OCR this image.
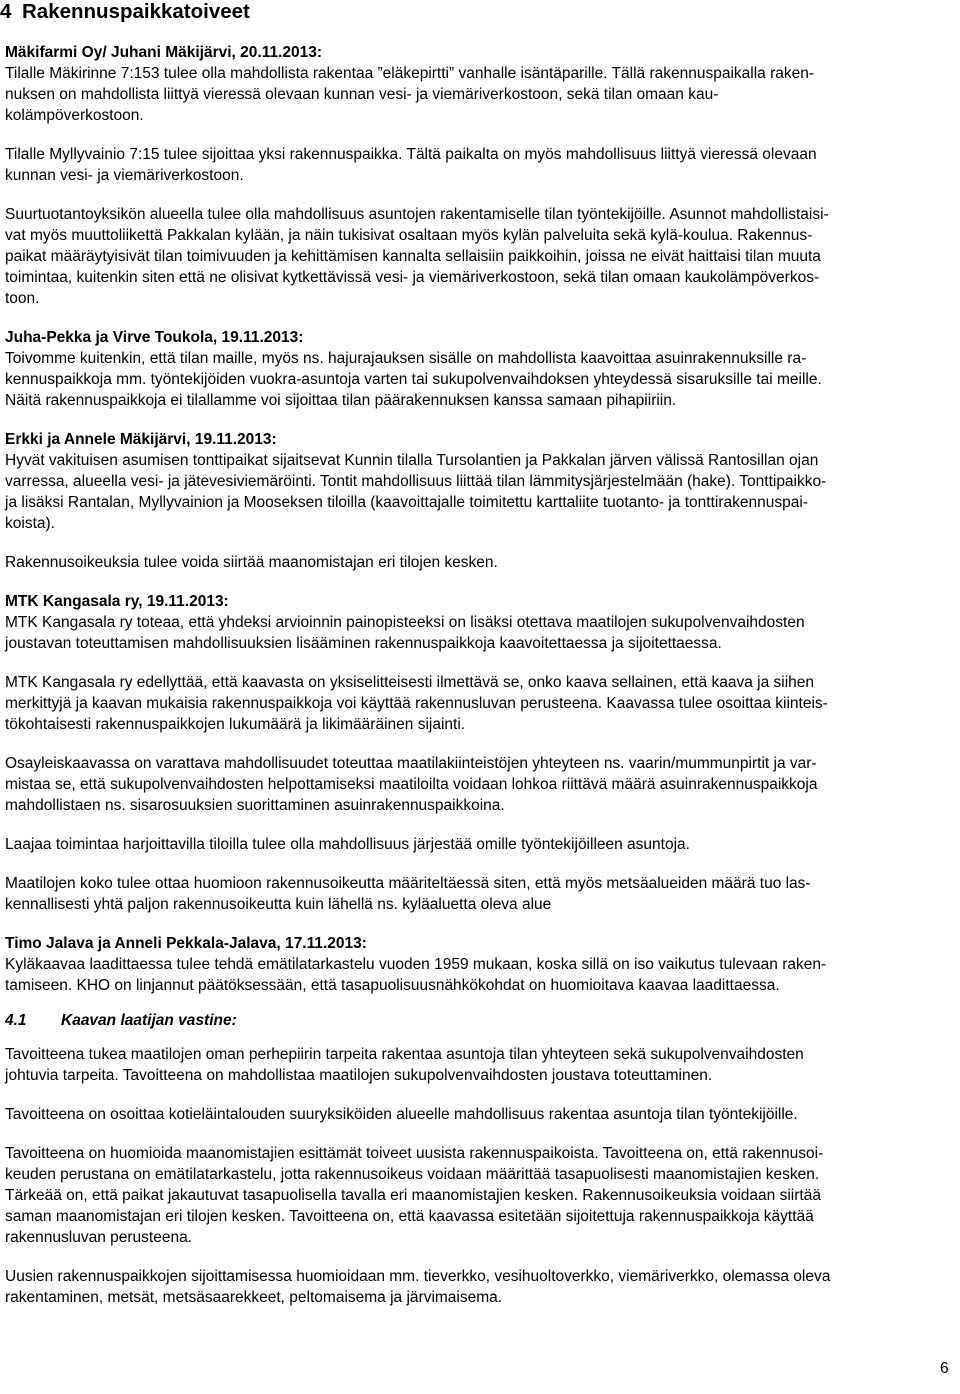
4 Rakennuspaikkatoiveet
Mäkifarmi Oy/ Juhani Mäkijärvi, 20.11.2013:
Tilalle Mäkirinne 7:153 tulee olla mahdollista rakentaa ”eläkepirtti” vanhalle isäntäparille. Tällä rakennuspaikalla raken-
nuksen on mahdollista liittyä vieressä olevaan kunnan vesi- ja viemäriverkostoon, sekä tilan omaan kau-
kolämpöverkostoon.
Tilalle Myllyvainio 7:15 tulee sijoittaa yksi rakennuspaikka. Tältä paikalta on myös mahdollisuus liittyä vieressä olevaan
kunnan vesi- ja viemäriverkostoon.
Suurtuotantoyksikön alueella tulee olla mahdollisuus asuntojen rakentamiselle tilan työntekijöille. Asunnot mahdollistaisi-
vat myös muuttoliikettä Pakkalan kylään, ja näin tukisivat osaltaan myös kylän palveluita sekä kylä-koulua. Rakennus-
paikat määräytyisivät tilan toimivuuden ja kehittämisen kannalta sellaisiin paikkoihin, joissa ne eivät haittaisi tilan muuta
toimintaa, kuitenkin siten että ne olisivat kytkettävissä vesi- ja viemäriverkostoon, sekä tilan omaan kaukolämpöverkos-
toon.
Juha-Pekka ja Virve Toukola, 19.11.2013:
Toivomme kuitenkin, että tilan maille, myös ns. hajurajauksen sisälle on mahdollista kaavoittaa asuinrakennuksille ra-
kennuspaikkoja mm. työntekijöiden vuokra-asuntoja varten tai sukupolvenvaihdoksen yhteydessä sisaruksille tai meille.
Näitä rakennuspaikkoja ei tilallamme voi sijoittaa tilan päärakennuksen kanssa samaan pihapiiriin.
Erkki ja Annele Mäkijärvi, 19.11.2013:
Hyvät vakituisen asumisen tonttipaikat sijaitsevat Kunnin tilalla Tursolantien ja Pakkalan järven välissä Rantosillan ojan
varressa, alueella vesi- ja jätevesiviemäröinti. Tontit mahdollisuus liittää tilan lämmitysjärjestelmään (hake). Tonttipaikko-
ja lisäksi Rantalan, Myllyvainion ja Mooseksen tiloilla (kaavoittajalle toimitettu karttaliite tuotanto- ja tonttirakennuspai-
koista).
Rakennusoikeuksia tulee voida siirtää maanomistajan eri tilojen kesken.
MTK Kangasala ry, 19.11.2013:
MTK Kangasala ry toteaa, että yhdeksi arvioinnin painopisteeksi on lisäksi otettava maatilojen sukupolvenvaihdosten
joustavan toteuttamisen mahdollisuuksien lisääminen rakennuspaikkoja kaavoitettaessa ja sijoitettaessa.
MTK Kangasala ry edellyttää, että kaavasta on yksiselitteisesti ilmettävä se, onko kaava sellainen, että kaava ja siihen
merkittyjä ja kaavan mukaisia rakennuspaikkoja voi käyttää rakennusluvan perusteena. Kaavassa tulee osoittaa kiinteis-
tökohtaisesti rakennuspaikkojen lukumäärä ja likimääräinen sijainti.
Osayleiskaavassa on varattava mahdollisuudet toteuttaa maatilakiinteistöjen yhteyteen ns. vaarin/mummunpirtit ja var-
mistaa se, että sukupolvenvaihdosten helpottamiseksi maatiloilta voidaan lohkoa riittävä määrä asuinrakennuspaikkoja
mahdollistaen ns. sisarosuuksien suorittaminen asuinrakennuspaikkoina.
Laajaa toimintaa harjoittavilla tiloilla tulee olla mahdollisuus järjestää omille työntekijöilleen asuntoja.
Maatilojen koko tulee ottaa huomioon rakennusoikeutta määriteltäessä siten, että myös metsäalueiden määrä tuo las-
kennallisesti yhtä paljon rakennusoikeutta kuin lähellä ns. kyläaluetta oleva alue
Timo Jalava ja Anneli Pekkala-Jalava, 17.11.2013:
Kyläkaavaa laadittaessa tulee tehdä emätilatarkastelu vuoden 1959 mukaan, koska sillä on iso vaikutus tulevaan raken-
tamiseen. KHO on linjannut päätöksessään, että tasapuolisuusnähkökohdat on huomioitava kaavaa laadittaessa.
Tavoitteena tukea maatilojen oman perhepiirin tarpeita rakentaa asuntoja tilan yhteyteen sekä sukupolvenvaihdosten
johtuvia tarpeita. Tavoitteena on mahdollistaa maatilojen sukupolvenvaihdosten joustava toteuttaminen.
Tavoitteena on osoittaa kotieläintalouden suuryksiköiden alueelle mahdollisuus rakentaa asuntoja tilan työntekijöille.
Tavoitteena on huomioida maanomistajien esittämät toiveet uusista rakennuspaikoista. Tavoitteena on, että rakennusoi-
keuden perustana on emätilatarkastelu, jotta rakennusoikeus voidaan määrittää tasapuolisesti maanomistajien kesken.
Tärkeää on, että paikat jakautuvat tasapuolisella tavalla eri maanomistajien kesken. Rakennusoikeuksia voidaan siirtää
saman maanomistajan eri tilojen kesken. Tavoitteena on, että kaavassa esitetään sijoitettuja rakennuspaikkoja käyttää
rakennusluvan perusteena.
Uusien rakennuspaikkojen sijoittamisessa huomioidaan mm. tieverkko, vesihuoltoverkko, viemäriverkko, olemassa oleva
rakentaminen, metsät, metsäsaarekkeet, peltomaisema ja järvimaisema.
4.1 Kaavan laatijan vastine:
6
